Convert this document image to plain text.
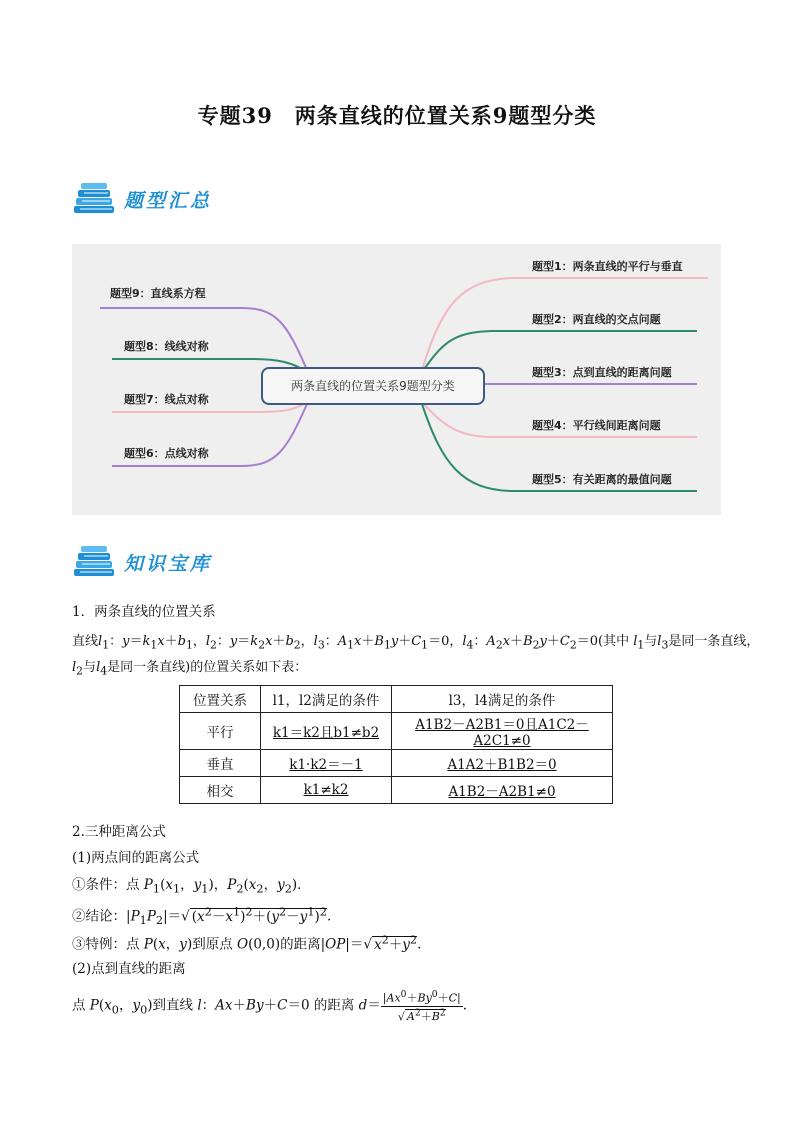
专题39　两条直线的位置关系9题型分类
题型汇总
两条直线的位置关系9题型分类
题型1：两条直线的平行与垂直
题型2：两直线的交点问题
题型3：点到直线的距离问题
题型4：平行线间距离问题
题型5：有关距离的最值问题
题型9：直线系方程
题型8：线线对称
题型7：线点对称
题型6：点线对称
知识宝库
1．两条直线的位置关系
直线$l_1$：$y=k_1x+b_1$，$l_2$：$y=k_2x+b_2$，$l_3$：$A_1x+B_1y+C_1=0$，$l_4$：$A_2x+B_2y+C_2=0$(其中 $l_1$与$l_3$是同一条直线，
$l_2$与$l_4$是同一条直线)的位置关系如下表：
位置关系	l1，l2满足的条件	l3，l4满足的条件
平行	k1＝k2且b1≠b2	A1B2－A2B1＝0且A1C2－A2C1≠0
垂直	k1·k2＝－1	A1A2＋B1B2＝0
相交	k1≠k2	A1B2－A2B1≠0
2.三种距离公式
(1)两点间的距离公式
①条件：点 $P_1(x_1$，$y_1$)，$P_2(x_2$，$y_2$)．
②结论：$|P_1P_2|=√$ $(x^2-x^1)^2+(y^2-y^1)^2$.
③特例：点 P(x，y)到原点 O(0,0)的距离|OP|＝√ $x^2+y^2$.
(2)点到直线的距离
点 $P(x_0$，$y_0$)到直线 l：Ax＋By＋C＝0 的距离 $d= \frac{|Ax^0+By^0+C|}{√ A^2+B^2}$ .
